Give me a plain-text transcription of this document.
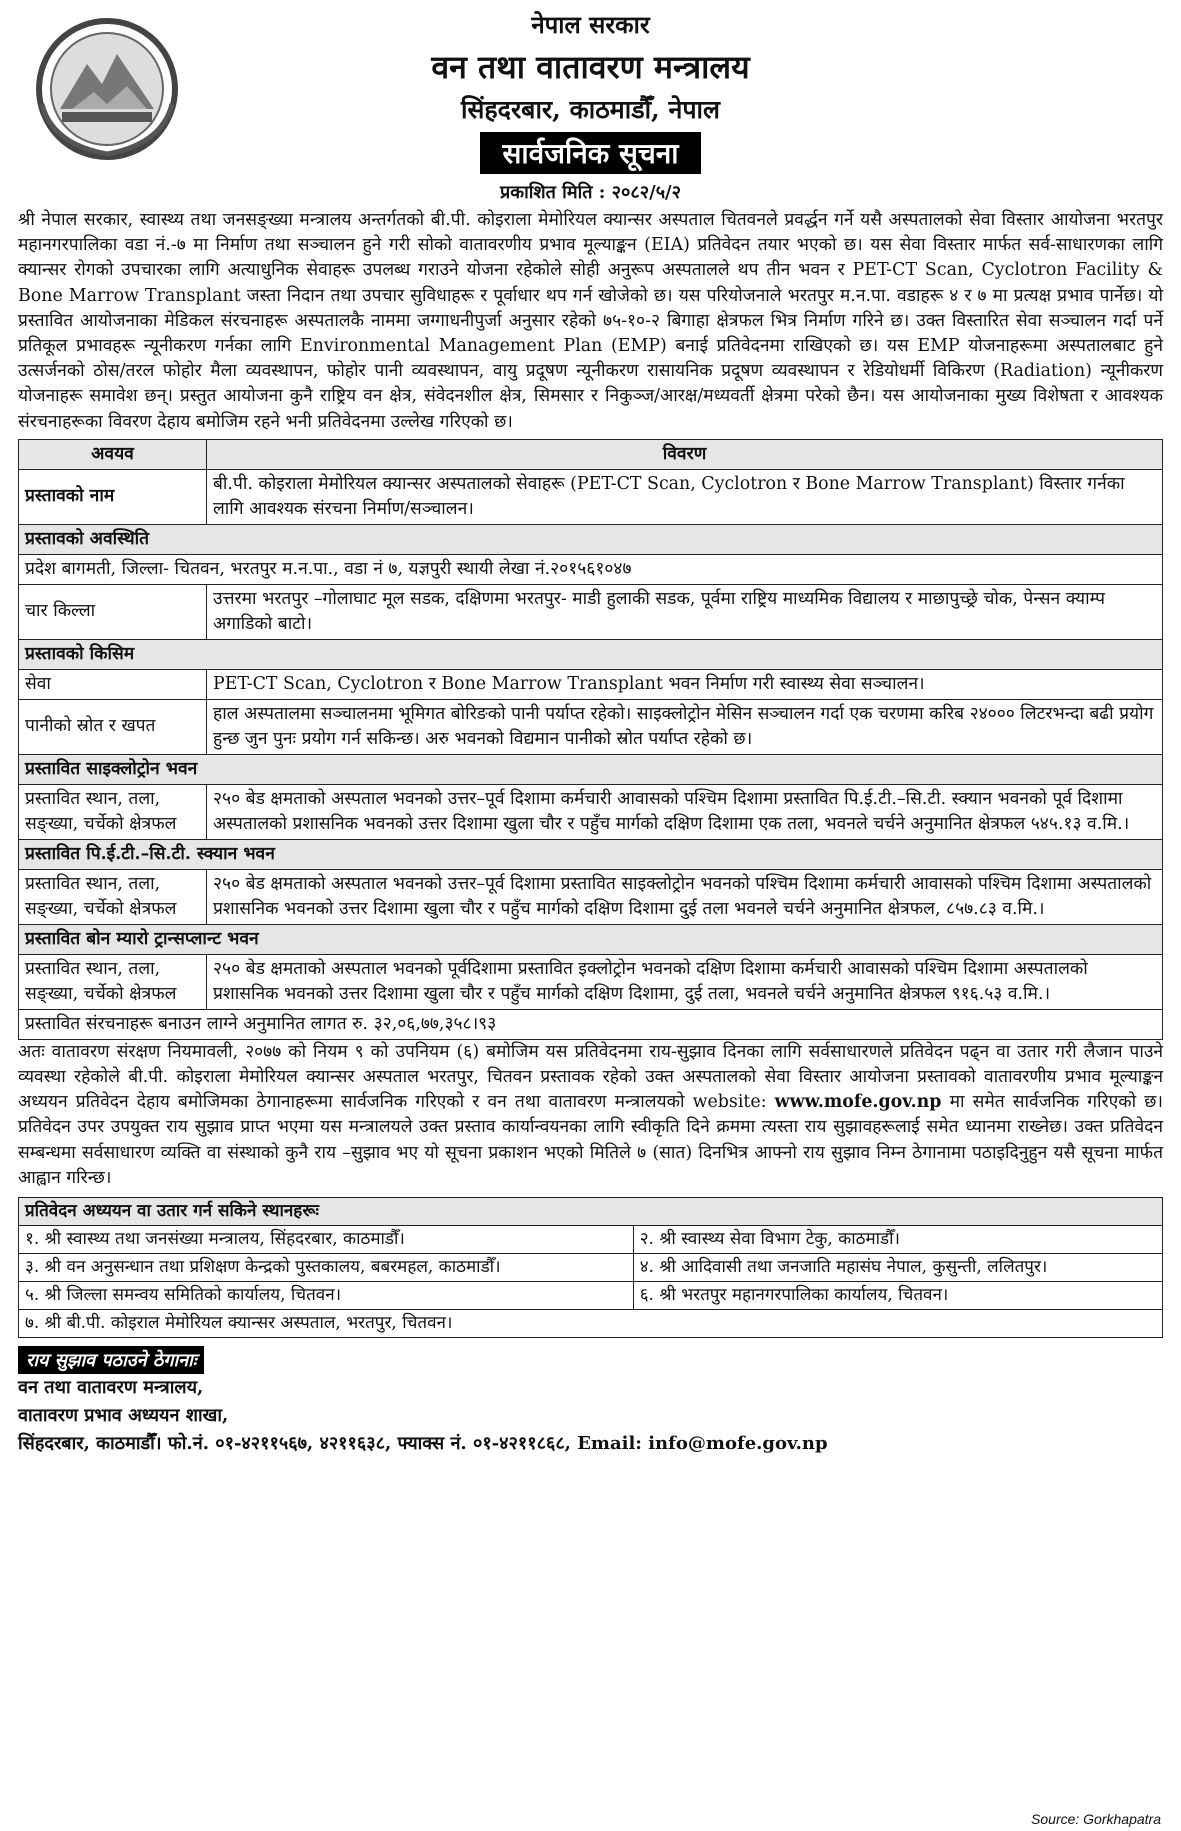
नेपाल सरकार
वन तथा वातावरण मन्त्रालय
सिंहदरबार, काठमाडौँ, नेपाल
सार्वजनिक सूचना
प्रकाशित मिति : २०८२/५/२

श्री नेपाल सरकार, स्वास्थ्य तथा जनसङ्ख्या मन्त्रालय अन्तर्गतको बी.पी. कोइराला मेमोरियल क्यान्सर अस्पताल चितवनले प्रवर्द्धन गर्ने यसै अस्पतालको सेवा विस्तार आयोजना भरतपुर महानगरपालिका वडा नं.-७ मा निर्माण तथा सञ्चालन हुने गरी सोको वातावरणीय प्रभाव मूल्याङ्कन (EIA) प्रतिवेदन तयार भएको छ। यस सेवा विस्तार मार्फत सर्व-साधारणका लागि क्यान्सर रोगको उपचारका लागि अत्याधुनिक सेवाहरू उपलब्ध गराउने योजना रहेकोले सोही अनुरूप अस्पतालले थप तीन भवन र PET-CT Scan, Cyclotron Facility & Bone Marrow Transplant जस्ता निदान तथा उपचार सुविधाहरू र पूर्वाधार थप गर्न खोजेको छ। यस परियोजनाले भरतपुर म.न.पा. वडाहरू ४ र ७ मा प्रत्यक्ष प्रभाव पार्नेछ। यो प्रस्तावित आयोजनाका मेडिकल संरचनाहरू अस्पतालकै नाममा जग्गाधनीपुर्जा अनुसार रहेको ७५-१०-२ बिगाहा क्षेत्रफल भित्र निर्माण गरिने छ। उक्त विस्तारित सेवा सञ्चालन गर्दा पर्ने प्रतिकूल प्रभावहरू न्यूनीकरण गर्नका लागि Environmental Management Plan (EMP) बनाई प्रतिवेदनमा राखिएको छ। यस EMP योजनाहरूमा अस्पतालबाट हुने उत्सर्जनको ठोस/तरल फोहोर मैला व्यवस्थापन, फोहोर पानी व्यवस्थापन, वायु प्रदूषण न्यूनीकरण रासायनिक प्रदूषण व्यवस्थापन र रेडियोधर्मी विकिरण (Radiation) न्यूनीकरण योजनाहरू समावेश छन्। प्रस्तुत आयोजना कुनै राष्ट्रिय वन क्षेत्र, संवेदनशील क्षेत्र, सिमसार र निकुञ्ज/आरक्ष/मध्यवर्ती क्षेत्रमा परेको छैन। यस आयोजनाका मुख्य विशेषता र आवश्यक संरचनाहरूका विवरण देहाय बमोजिम रहने भनी प्रतिवेदनमा उल्लेख गरिएको छ।

अवयव	विवरण
प्रस्तावको नाम	बी.पी. कोइराला मेमोरियल क्यान्सर अस्पतालको सेवाहरू (PET-CT Scan, Cyclotron र Bone Marrow Transplant) विस्तार गर्नका लागि आवश्यक संरचना निर्माण/सञ्चालन।
प्रस्तावको अवस्थिति	
प्रदेश बागमती, जिल्ला- चितवन, भरतपुर म.न.पा., वडा नं ७, यज्ञपुरी स्थायी लेखा नं.२०१५६१०४७	
चार किल्ला	उत्तरमा भरतपुर –गोलाघाट मूल सडक, दक्षिणमा भरतपुर- माडी हुलाकी सडक, पूर्वमा राष्ट्रिय माध्यमिक विद्यालय र माछापुच्छ्रे चोक, पेन्सन क्याम्प अगाडिको बाटो।
प्रस्तावको किसिम	
सेवा	PET-CT Scan, Cyclotron र Bone Marrow Transplant भवन निर्माण गरी स्वास्थ्य सेवा सञ्चालन।
पानीको स्रोत र खपत	हाल अस्पतालमा सञ्चालनमा भूमिगत बोरिङको पानी पर्याप्त रहेको। साइक्लोट्रोन मेसिन सञ्चालन गर्दा एक चरणमा करिब २४००० लिटरभन्दा बढी प्रयोग हुन्छ जुन पुनः प्रयोग गर्न सकिन्छ। अरु भवनको विद्यमान पानीको स्रोत पर्याप्त रहेको छ।
प्रस्तावित साइक्लोट्रोन भवन	
प्रस्तावित स्थान, तला, सङ्ख्या, चर्चेको क्षेत्रफल	२५० बेड क्षमताको अस्पताल भवनको उत्तर–पूर्व दिशामा कर्मचारी आवासको पश्चिम दिशामा प्रस्तावित पि.ई.टी.–सि.टी. स्क्यान भवनको पूर्व दिशामा अस्पतालको प्रशासनिक भवनको उत्तर दिशामा खुला चौर र पहुँच मार्गको दक्षिण दिशामा एक तला, भवनले चर्चने अनुमानित क्षेत्रफल ५४५.१३ व.मि.।
प्रस्तावित पि.ई.टी.–सि.टी. स्क्यान भवन	
प्रस्तावित स्थान, तला, सङ्ख्या, चर्चेको क्षेत्रफल	२५० बेड क्षमताको अस्पताल भवनको उत्तर–पूर्व दिशामा प्रस्तावित साइक्लोट्रोन भवनको पश्चिम दिशामा कर्मचारी आवासको पश्चिम दिशामा अस्पतालको प्रशासनिक भवनको उत्तर दिशामा खुला चौर र पहुँच मार्गको दक्षिण दिशामा दुई तला भवनले चर्चने अनुमानित क्षेत्रफल, ८५७.८३ व.मि.।
प्रस्तावित बोन म्यारो ट्रान्सप्लान्ट भवन	
प्रस्तावित स्थान, तला, सङ्ख्या, चर्चेको क्षेत्रफल	२५० बेड क्षमताको अस्पताल भवनको पूर्वदिशामा प्रस्तावित इक्लोट्रोन भवनको दक्षिण दिशामा कर्मचारी आवासको पश्चिम दिशामा अस्पतालको प्रशासनिक भवनको उत्तर दिशामा खुला चौर र पहुँच मार्गको दक्षिण दिशामा, दुई तला, भवनले चर्चने अनुमानित क्षेत्रफल ९१६.५३ व.मि.।
प्रस्तावित संरचनाहरू बनाउन लाग्ने अनुमानित लागत रु. ३२,०६,७७,३५८।९३	

अतः वातावरण संरक्षण नियमावली, २०७७ को नियम ९ को उपनियम (६) बमोजिम यस प्रतिवेदनमा राय-सुझाव दिनका लागि सर्वसाधारणले प्रतिवेदन पढ्न वा उतार गरी लैजान पाउने व्यवस्था रहेकोले बी.पी. कोइराला मेमोरियल क्यान्सर अस्पताल भरतपुर, चितवन प्रस्तावक रहेको उक्त अस्पतालको सेवा विस्तार आयोजना प्रस्तावको वातावरणीय प्रभाव मूल्याङ्कन अध्ययन प्रतिवेदन देहाय बमोजिमका ठेगानाहरूमा सार्वजनिक गरिएको र वन तथा वातावरण मन्त्रालयको website: www.mofe.gov.np मा समेत सार्वजनिक गरिएको छ। प्रतिवेदन उपर उपयुक्त राय सुझाव प्राप्त भएमा यस मन्त्रालयले उक्त प्रस्ताव कार्यान्वयनका लागि स्वीकृति दिने क्रममा त्यस्ता राय सुझावहरूलाई समेत ध्यानमा राख्नेछ। उक्त प्रतिवेदन सम्बन्धमा सर्वसाधारण व्यक्ति वा संस्थाको कुनै राय –सुझाव भए यो सूचना प्रकाशन भएको मितिले ७ (सात) दिनभित्र आफ्नो राय सुझाव निम्न ठेगानामा पठाइदिनुहुन यसै सूचना मार्फत आह्वान गरिन्छ।

प्रतिवेदन अध्ययन वा उतार गर्न सकिने स्थानहरूः	
१. श्री स्वास्थ्य तथा जनसंख्या मन्त्रालय, सिंहदरबार, काठमाडौँ।	२. श्री स्वास्थ्य सेवा विभाग टेकु, काठमाडौँ।
३. श्री वन अनुसन्धान तथा प्रशिक्षण केन्द्रको पुस्तकालय, बबरमहल, काठमाडौँ।	४. श्री आदिवासी तथा जनजाति महासंघ नेपाल, कुसुन्ती, ललितपुर।
५. श्री जिल्ला समन्वय समितिको कार्यालय, चितवन।	६. श्री भरतपुर महानगरपालिका कार्यालय, चितवन।
७. श्री बी.पी. कोइराल मेमोरियल क्यान्सर अस्पताल, भरतपुर, चितवन।	
राय सुझाव पठाउने ठेगानाः
वन तथा वातावरण मन्त्रालय,
वातावरण प्रभाव अध्ययन शाखा,
सिंहदरबार, काठमाडौँ। फो.नं. ०१-४२११५६७, ४२११६३८, फ्याक्स नं. ०१-४२११८६८, Email: info@mofe.gov.np
Source: Gorkhapatra
